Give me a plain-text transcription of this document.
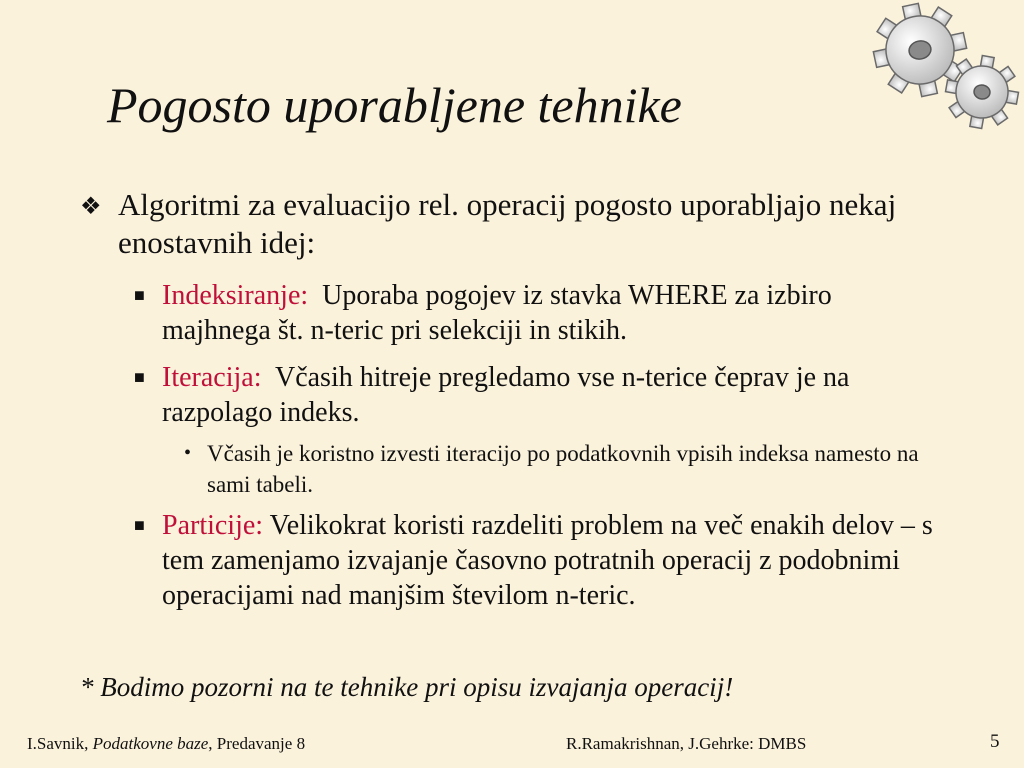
Pogosto uporabljene tehnike
❖ Algoritmi za evaluacijo rel. operacij pogosto uporabljajo nekaj enostavnih idej:
■ Indeksiranje: Uporaba pogojev iz stavka WHERE za izbiro majhnega št. n-teric pri selekciji in stikih.
■ Iteracija: Včasih hitreje pregledamo vse n-terice čeprav je na razpolago indeks.
• Včasih je koristno izvesti iteracijo po podatkovnih vpisih indeksa namesto na sami tabeli.
■ Particije: Velikokrat koristi razdeliti problem na več enakih delov – s tem zamenjamo izvajanje časovno potratnih operacij z podobnimi operacijami nad manjšim številom n-teric.
* Bodimo pozorni na te tehnike pri opisu izvajanja operacij!
I.Savnik, Podatkovne baze, Predavanje 8	R.Ramakrishnan, J.Gehrke: DMBS	5
